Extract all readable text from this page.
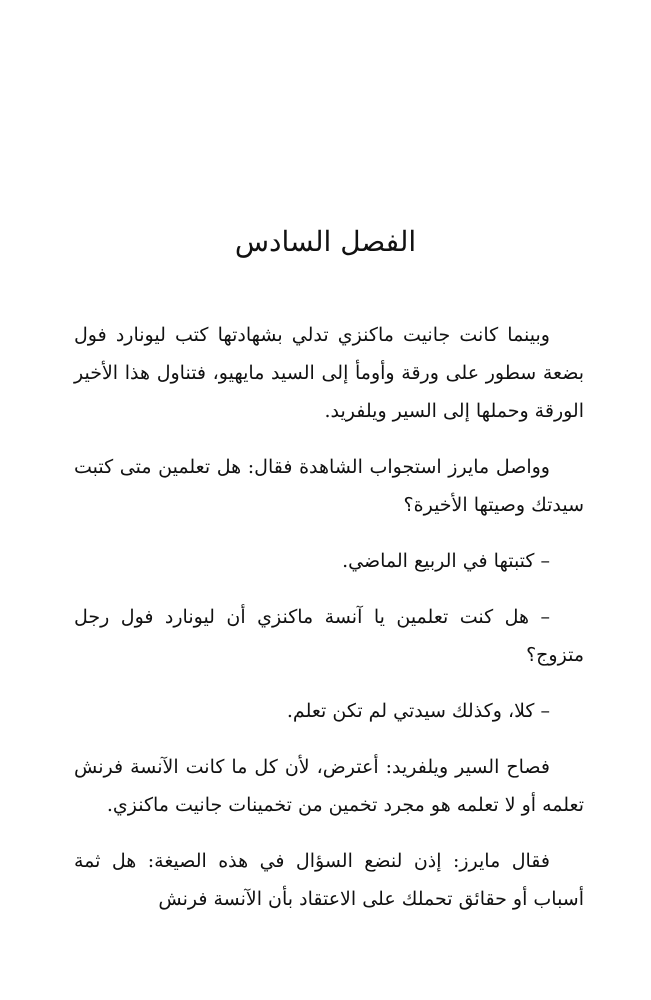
الفصل السادس

وبينما كانت جانيت ماكنزي تدلي بشهادتها كتب ليونارد فول بضعة سطور على ورقة وأومأ إلى السيد مايهيو، فتناول هذا الأخير الورقة وحملها إلى السير ويلفريد.

وواصل مايرز استجواب الشاهدة فقال: هل تعلمين متى كتبت سيدتك وصيتها الأخيرة؟

– كتبتها في الربيع الماضي.

– هل كنت تعلمين يا آنسة ماكنزي أن ليونارد فول رجل متزوج؟

– كلا، وكذلك سيدتي لم تكن تعلم.

فصاح السير ويلفريد: أعترض، لأن كل ما كانت الآنسة فرنش تعلمه أو لا تعلمه هو مجرد تخمين من تخمينات جانيت ماكنزي.

فقال مايرز: إذن لنضع السؤال في هذه الصيغة: هل ثمة أسباب أو حقائق تحملك على الاعتقاد بأن الآنسة فرنش
